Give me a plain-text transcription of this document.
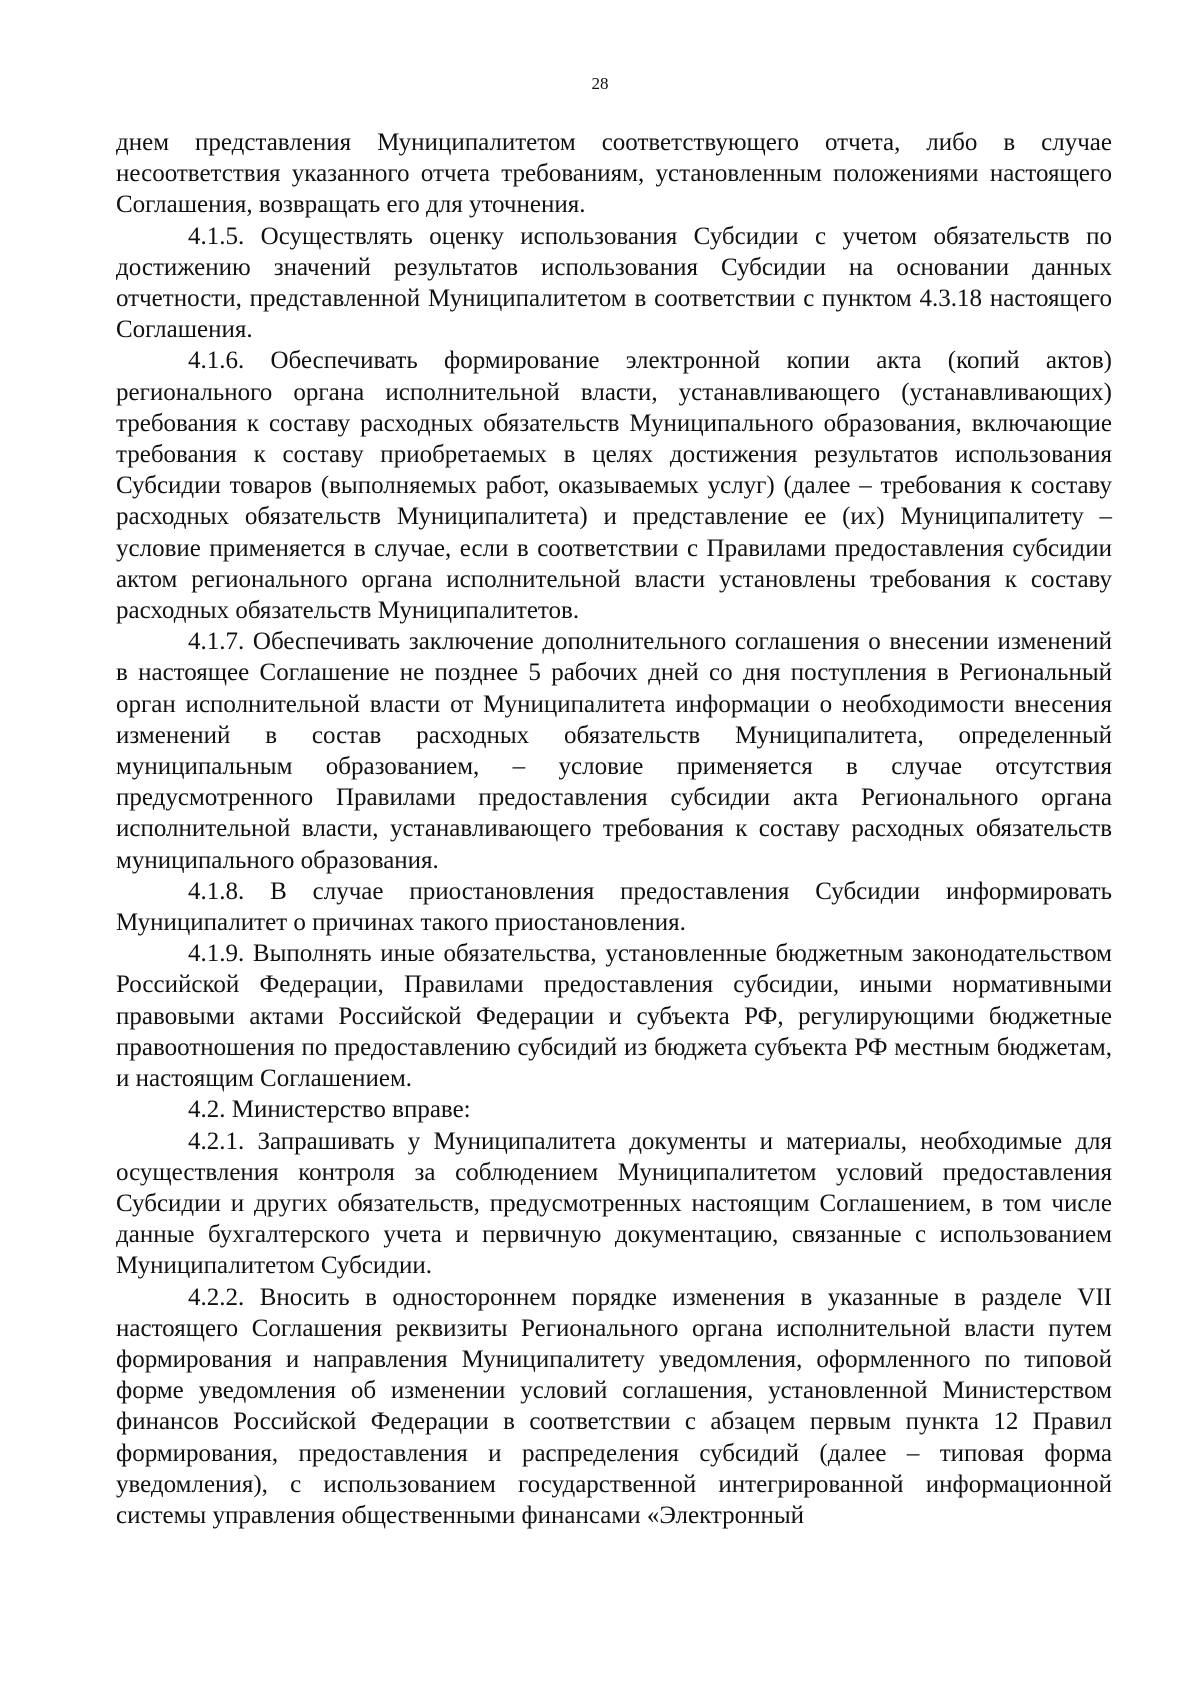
28

днем представления Муниципалитетом соответствующего отчета, либо в случае несоответствия указанного отчета требованиям, установленным положениями настоящего Соглашения, возвращать его для уточнения.

4.1.5. Осуществлять оценку использования Субсидии с учетом обязательств по достижению значений результатов использования Субсидии на основании данных отчетности, представленной Муниципалитетом в соответствии с пунктом 4.3.18 настоящего Соглашения.

4.1.6. Обеспечивать формирование электронной копии акта (копий актов) регионального органа исполнительной власти, устанавливающего (устанавливающих) требования к составу расходных обязательств Муниципального образования, включающие требования к составу приобретаемых в целях достижения результатов использования Субсидии товаров (выполняемых работ, оказываемых услуг) (далее – требования к составу расходных обязательств Муниципалитета) и представление ее (их) Муниципалитету – условие применяется в случае, если в соответствии с Правилами предоставления субсидии актом регионального органа исполнительной власти установлены требования к составу расходных обязательств Муниципалитетов.

4.1.7. Обеспечивать заключение дополнительного соглашения о внесении изменений в настоящее Соглашение не позднее 5 рабочих дней со дня поступления в Региональный орган исполнительной власти от Муниципалитета информации о необходимости внесения изменений в состав расходных обязательств Муниципалитета, определенный муниципальным образованием, – условие применяется в случае отсутствия предусмотренного Правилами предоставления субсидии акта Регионального органа исполнительной власти, устанавливающего требования к составу расходных обязательств муниципального образования.

4.1.8. В случае приостановления предоставления Субсидии информировать Муниципалитет о причинах такого приостановления.

4.1.9. Выполнять иные обязательства, установленные бюджетным законодательством Российской Федерации, Правилами предоставления субсидии, иными нормативными правовыми актами Российской Федерации и субъекта РФ, регулирующими бюджетные правоотношения по предоставлению субсидий из бюджета субъекта РФ местным бюджетам, и настоящим Соглашением.

4.2. Министерство вправе:

4.2.1. Запрашивать у Муниципалитета документы и материалы, необходимые для осуществления контроля за соблюдением Муниципалитетом условий предоставления Субсидии и других обязательств, предусмотренных настоящим Соглашением, в том числе данные бухгалтерского учета и первичную документацию, связанные с использованием Муниципалитетом Субсидии.

4.2.2. Вносить в одностороннем порядке изменения в указанные в разделе VII настоящего Соглашения реквизиты Регионального органа исполнительной власти путем формирования и направления Муниципалитету уведомления, оформленного по типовой форме уведомления об изменении условий соглашения, установленной Министерством финансов Российской Федерации в соответствии с абзацем первым пункта 12 Правил формирования, предоставления и распределения субсидий (далее – типовая форма уведомления), с использованием государственной интегрированной информационной системы управления общественными финансами «Электронный
